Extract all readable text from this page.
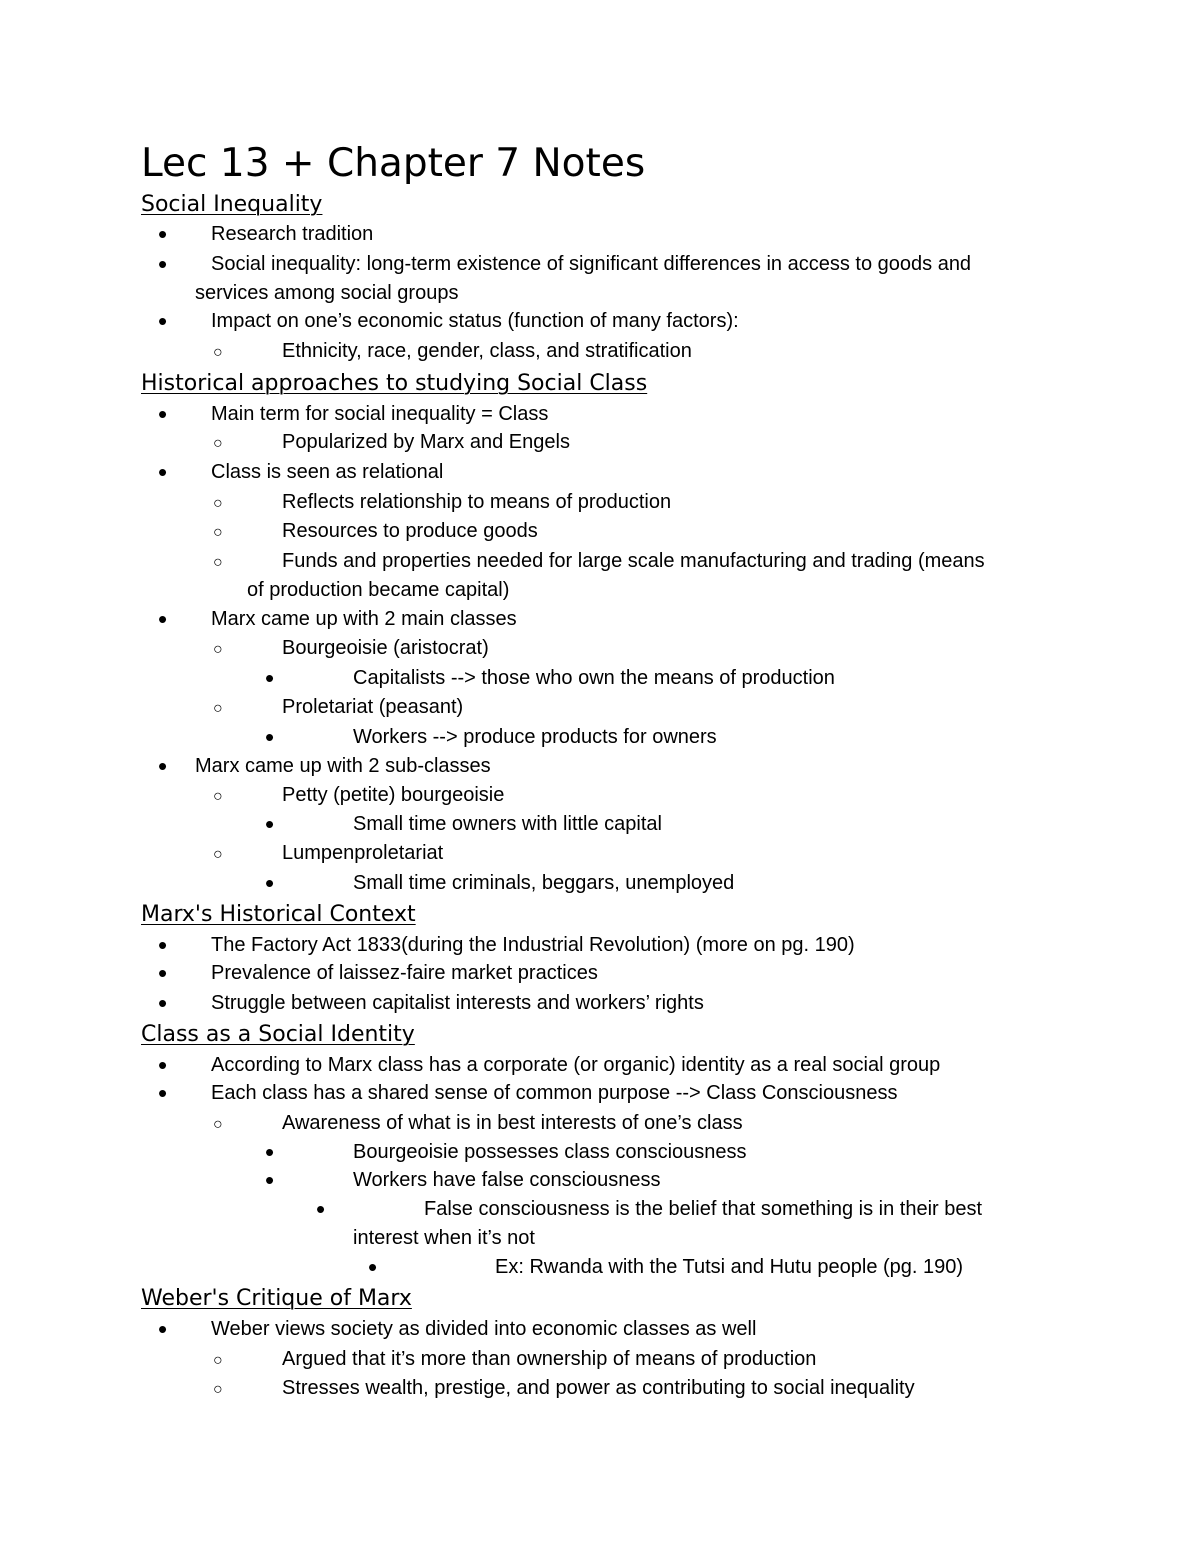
Lec 13 + Chapter 7 Notes
Social Inequality
•
Research tradition
•
Social inequality: long-term existence of significant differences in access to goods and
services among social groups
•
Impact on one’s economic status (function of many factors):
○
Ethnicity, race, gender, class, and stratification
Historical approaches to studying Social Class
•
Main term for social inequality = Class
○
Popularized by Marx and Engels
•
Class is seen as relational
○
Reflects relationship to means of production
○
Resources to produce goods
○
Funds and properties needed for large scale manufacturing and trading (means
of production became capital)
•
Marx came up with 2 main classes
○
Bourgeoisie (aristocrat)
•
Capitalists --> those who own the means of production
○
Proletariat (peasant)
•
Workers --> produce products for owners
•
Marx came up with 2 sub-classes
○
Petty (petite) bourgeoisie
•
Small time owners with little capital
○
Lumpenproletariat
•
Small time criminals, beggars, unemployed
Marx's Historical Context
•
The Factory Act 1833(during the Industrial Revolution) (more on pg. 190)
•
Prevalence of laissez-faire market practices
•
Struggle between capitalist interests and workers’ rights
Class as a Social Identity
•
According to Marx class has a corporate (or organic) identity as a real social group
•
Each class has a shared sense of common purpose --> Class Consciousness
○
Awareness of what is in best interests of one’s class
•
Bourgeoisie possesses class consciousness
•
Workers have false consciousness
•
False consciousness is the belief that something is in their best
interest when it’s not
•
Ex: Rwanda with the Tutsi and Hutu people (pg. 190)
Weber's Critique of Marx
•
Weber views society as divided into economic classes as well
○
Argued that it’s more than ownership of means of production
○
Stresses wealth, prestige, and power as contributing to social inequality
